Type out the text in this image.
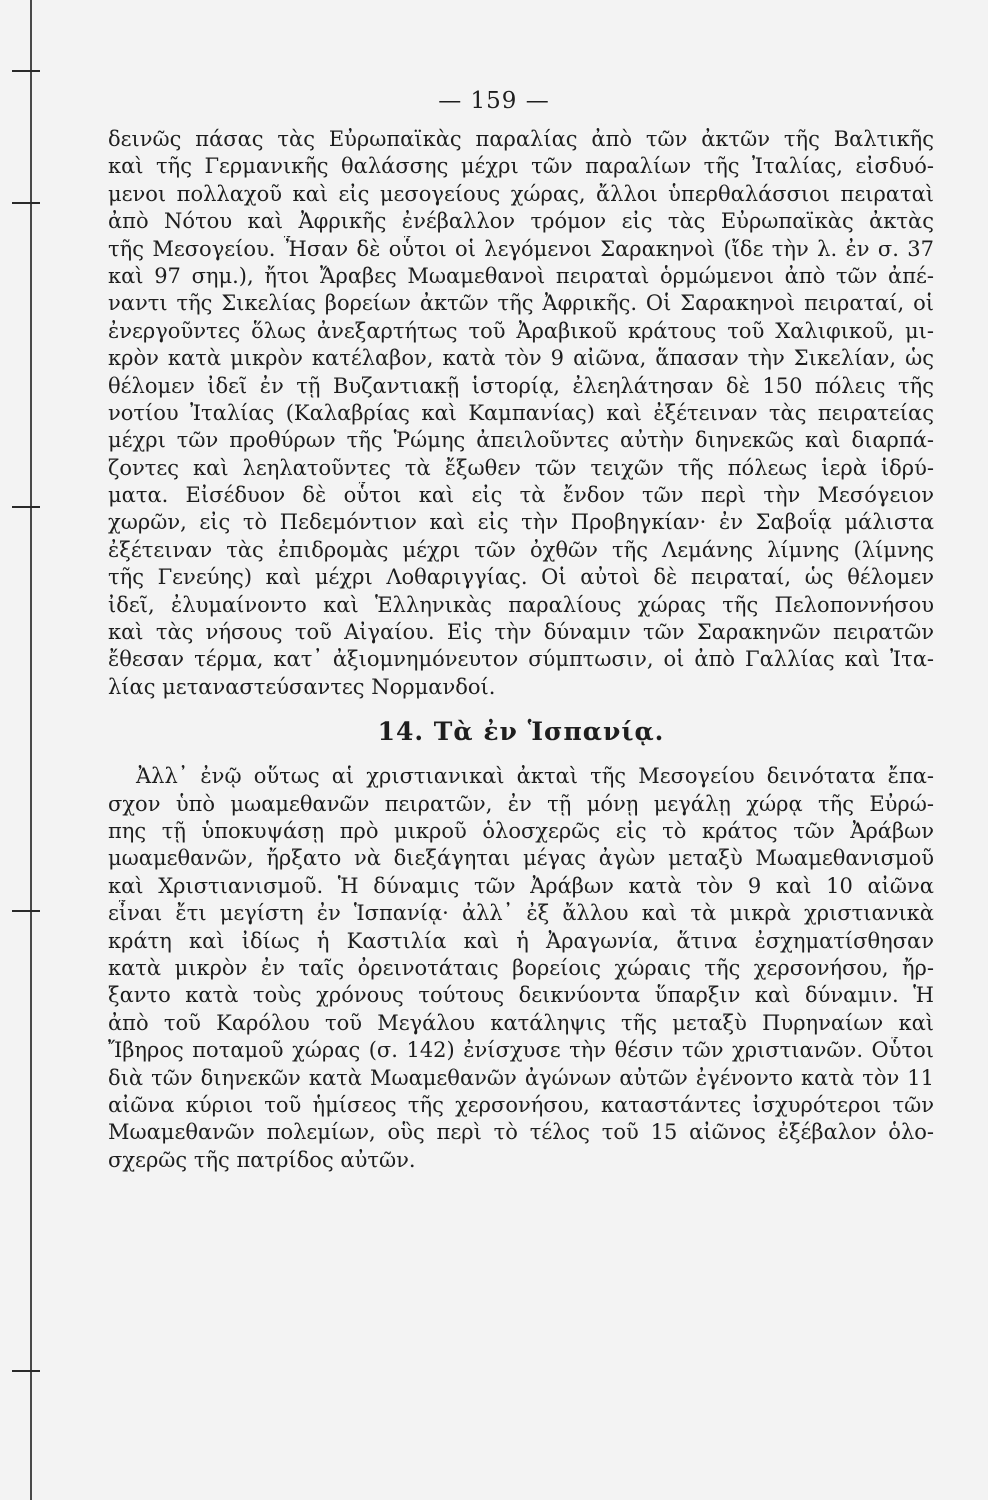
— 159 —
δεινῶς πάσας τὰς Εὐρωπαϊκὰς παραλίας ἀπὸ τῶν ἀκτῶν τῆς Βαλτικῆς
καὶ τῆς Γερμανικῆς θαλάσσης μέχρι τῶν παραλίων τῆς Ἰταλίας, εἰσδυό-
μενοι πολλαχοῦ καὶ εἰς μεσογείους χώρας, ἄλλοι ὑπερθαλάσσιοι πειραταὶ
ἀπὸ Νότου καὶ Ἀφρικῆς ἐνέβαλλον τρόμον εἰς τὰς Εὐρωπαϊκὰς ἀκτὰς
τῆς Μεσογείου. Ἦσαν δὲ οὗτοι οἱ λεγόμενοι Σαρακηνοὶ (ἴδε τὴν λ. ἐν σ. 37
καὶ 97 σημ.), ἤτοι Ἄραβες Μωαμεθανοὶ πειραταὶ ὁρμώμενοι ἀπὸ τῶν ἀπέ-
ναντι τῆς Σικελίας βορείων ἀκτῶν τῆς Ἀφρικῆς. Οἱ Σαρακηνοὶ πειραταί, οἱ
ἐνεργοῦντες ὅλως ἀνεξαρτήτως τοῦ Ἀραβικοῦ κράτους τοῦ Χαλιφικοῦ, μι-
κρὸν κατὰ μικρὸν κατέλαβον, κατὰ τὸν 9 αἰῶνα, ἅπασαν τὴν Σικελίαν, ὡς
θέλομεν ἰδεῖ ἐν τῇ Βυζαντιακῇ ἱστορίᾳ, ἐλεηλάτησαν δὲ 150 πόλεις τῆς
νοτίου Ἰταλίας (Καλαβρίας καὶ Καμπανίας) καὶ ἐξέτειναν τὰς πειρατείας
μέχρι τῶν προθύρων τῆς Ῥώμης ἀπειλοῦντες αὐτὴν διηνεκῶς καὶ διαρπά-
ζοντες καὶ λεηλατοῦντες τὰ ἔξωθεν τῶν τειχῶν τῆς πόλεως ἱερὰ ἱδρύ-
ματα. Εἰσέδυον δὲ οὗτοι καὶ εἰς τὰ ἔνδον τῶν περὶ τὴν Μεσόγειον
χωρῶν, εἰς τὸ Πεδεμόντιον καὶ εἰς τὴν Προβηγκίαν· ἐν Σαβοΐᾳ μάλιστα
ἐξέτειναν τὰς ἐπιδρομὰς μέχρι τῶν ὀχθῶν τῆς Λεμάνης λίμνης (λίμνης
τῆς Γενεύης) καὶ μέχρι Λοθαριγγίας. Οἱ αὐτοὶ δὲ πειραταί, ὡς θέλομεν
ἰδεῖ, ἐλυμαίνοντο καὶ Ἑλληνικὰς παραλίους χώρας τῆς Πελοποννήσου
καὶ τὰς νήσους τοῦ Αἰγαίου. Εἰς τὴν δύναμιν τῶν Σαρακηνῶν πειρατῶν
ἔθεσαν τέρμα, κατ᾽ ἀξιομνημόνευτον σύμπτωσιν, οἱ ἀπὸ Γαλλίας καὶ Ἰτα-
λίας μεταναστεύσαντες Νορμανδοί.
14. Τὰ ἐν Ἱσπανίᾳ.
Ἀλλ᾽ ἐνῷ οὕτως αἱ χριστιανικαὶ ἀκταὶ τῆς Μεσογείου δεινότατα ἔπα-
σχον ὑπὸ μωαμεθανῶν πειρατῶν, ἐν τῇ μόνῃ μεγάλῃ χώρᾳ τῆς Εὐρώ-
πης τῇ ὑποκυψάσῃ πρὸ μικροῦ ὁλοσχερῶς εἰς τὸ κράτος τῶν Ἀράβων
μωαμεθανῶν, ἤρξατο νὰ διεξάγηται μέγας ἀγὼν μεταξὺ Μωαμεθανισμοῦ
καὶ Χριστιανισμοῦ. Ἡ δύναμις τῶν Ἀράβων κατὰ τὸν 9 καὶ 10 αἰῶνα
εἶναι ἔτι μεγίστη ἐν Ἱσπανίᾳ· ἀλλ᾽ ἐξ ἄλλου καὶ τὰ μικρὰ χριστιανικὰ
κράτη καὶ ἰδίως ἡ Καστιλία καὶ ἡ Ἀραγωνία, ἅτινα ἐσχηματίσθησαν
κατὰ μικρὸν ἐν ταῖς ὀρεινοτάταις βορείοις χώραις τῆς χερσονήσου, ἤρ-
ξαντο κατὰ τοὺς χρόνους τούτους δεικνύοντα ὕπαρξιν καὶ δύναμιν. Ἡ
ἀπὸ τοῦ Καρόλου τοῦ Μεγάλου κατάληψις τῆς μεταξὺ Πυρηναίων καὶ
Ἴβηρος ποταμοῦ χώρας (σ. 142) ἐνίσχυσε τὴν θέσιν τῶν χριστιανῶν. Οὗτοι
διὰ τῶν διηνεκῶν κατὰ Μωαμεθανῶν ἀγώνων αὐτῶν ἐγένοντο κατὰ τὸν 11
αἰῶνα κύριοι τοῦ ἡμίσεος τῆς χερσονήσου, καταστάντες ἰσχυρότεροι τῶν
Μωαμεθανῶν πολεμίων, οὓς περὶ τὸ τέλος τοῦ 15 αἰῶνος ἐξέβαλον ὁλο-
σχερῶς τῆς πατρίδος αὐτῶν.
